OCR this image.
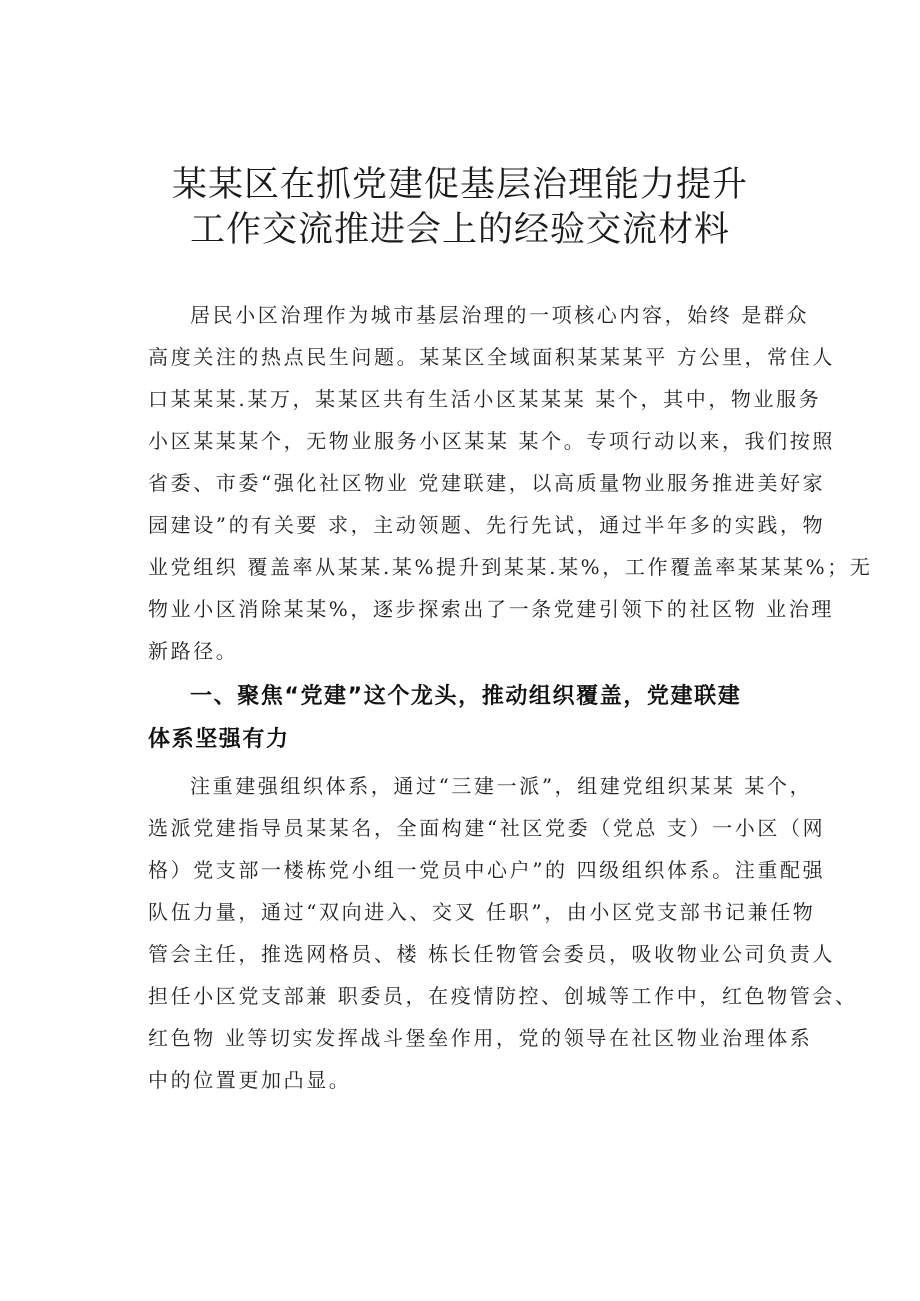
某某区在抓党建促基层治理能力提升
工作交流推进会上的经验交流材料
居民小区治理作为城市基层治理的一项核心内容，始终 是群众
高度关注的热点民生问题。某某区全域面积某某某平 方公里，常住人
口某某某.某万，某某区共有生活小区某某某 某个，其中，物业服务
小区某某某个，无物业服务小区某某 某个。专项行动以来，我们按照
省委、市委“强化社区物业 党建联建，以高质量物业服务推进美好家
园建设”的有关要 求，主动领题、先行先试，通过半年多的实践，物
业党组织 覆盖率从某某.某%提升到某某.某%，工作覆盖率某某某%；无
物业小区消除某某%，逐步探索出了一条党建引领下的社区物 业治理
新路径。
一、聚焦“党建”这个龙头，推动组织覆盖，党建联建
体系坚强有力
注重建强组织体系，通过“三建一派”，组建党组织某某 某个，
选派党建指导员某某名，全面构建“社区党委（党总 支）一小区（网
格）党支部一楼栋党小组一党员中心户”的 四级组织体系。注重配强
队伍力量，通过“双向进入、交叉 任职”，由小区党支部书记兼任物
管会主任，推选网格员、楼 栋长任物管会委员，吸收物业公司负责人
担任小区党支部兼 职委员，在疫情防控、创城等工作中，红色物管会、
红色物 业等切实发挥战斗堡垒作用，党的领导在社区物业治理体系
中的位置更加凸显。
